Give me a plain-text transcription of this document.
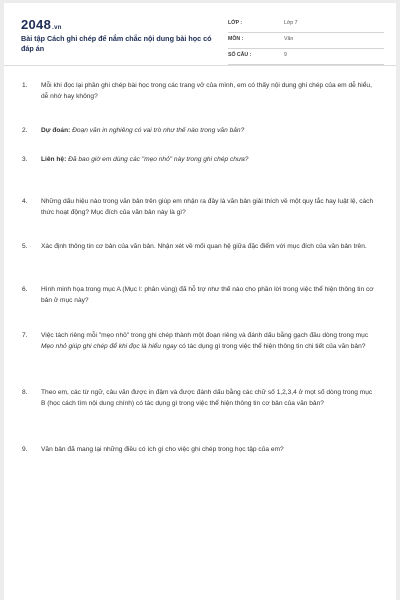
2048.vn
Bài tập Cách ghi chép để nắm chắc nội dung bài học có đáp án
LỚP :	Lớp 7
MÔN :	Văn
SỐ CÂU :	9
1. Mỗi khi đọc lại phần ghi chép bài học trong các trang vở của mình, em có thấy nội dung ghi chép của em dễ hiểu, dễ nhớ hay không?
2. Dự đoán: Đoạn văn in nghiêng có vai trò như thế nào trong văn bản?
3. Liên hệ: Đã bao giờ em dùng các "mẹo nhỏ" này trong ghi chép chưa?
4. Những dấu hiệu nào trong văn bản trên giúp em nhận ra đây là văn bản giải thích về một quy tắc hay luật lệ, cách thức hoạt động? Mục đích của văn bản này là gì?
5. Xác định thông tin cơ bản của văn bản. Nhận xét về mối quan hệ giữa đặc điểm với mục đích của văn bản trên.
6. Hình minh họa trong mục A (Mục I: phân vùng) đã hỗ trợ như thế nào cho phần lời trong việc thể hiện thông tin cơ bản ở mục này?
7. Việc tách riêng mỗi "mẹo nhỏ" trong ghi chép thành một đoạn riêng và đánh dấu bằng gạch đầu dòng trong mục Mẹo nhỏ giúp ghi chép để khi đọc là hiểu ngay có tác dụng gì trong việc thể hiện thông tin chi tiết của văn bản?
8. Theo em, các từ ngữ, câu văn được in đậm và được đánh dấu bằng các chữ số 1,2,3,4 ở mọt số dòng trong mục B (học cách tìm nội dung chính) có tác dụng gì trong việc thể hiện thông tin cơ bản của văn bản?
9. Văn bản đã mang lại những điều có ích gì cho việc ghi chép trong học tập của em?
